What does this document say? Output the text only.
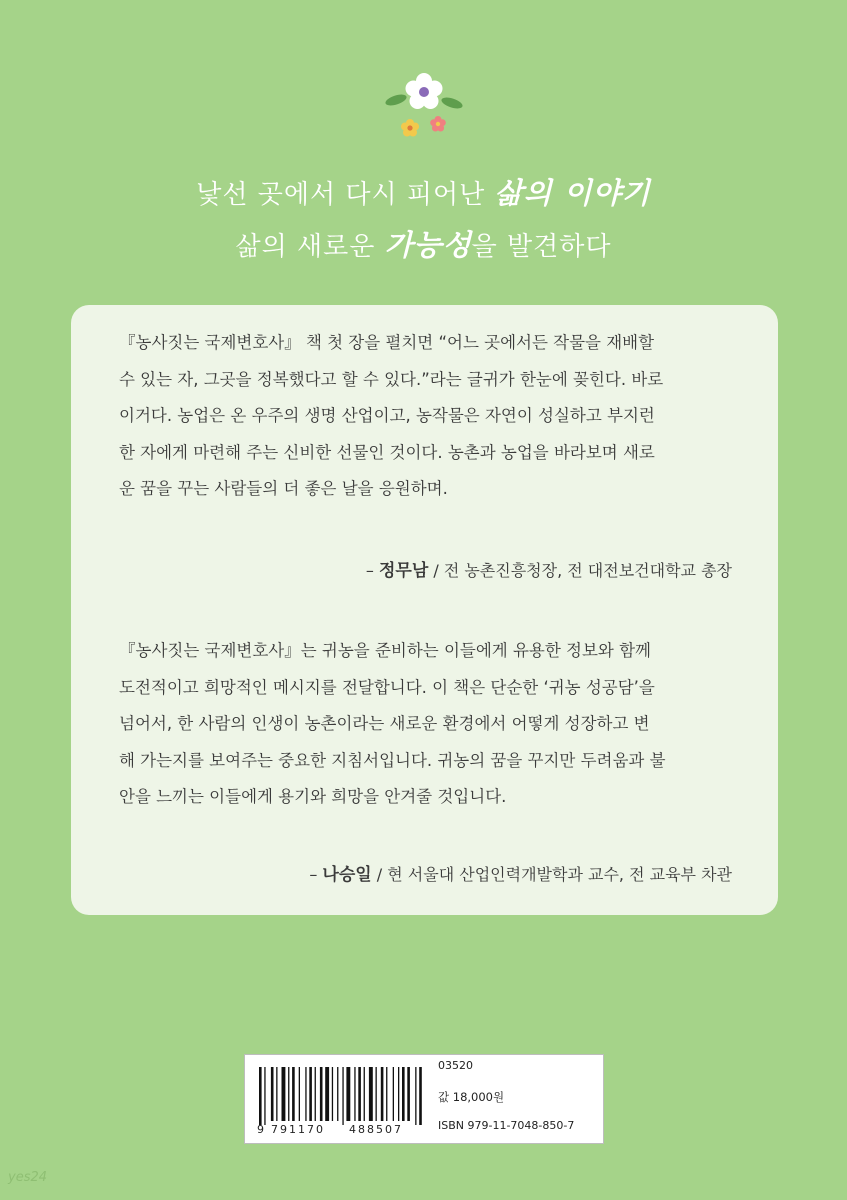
낯선 곳에서 다시 피어난 삶의 이야기
삶의 새로운 가능성을 발견하다
『농사짓는 국제변호사』 책 첫 장을 펼치면 “어느 곳에서든 작물을 재배할
수 있는 자, 그곳을 정복했다고 할 수 있다.”라는 글귀가 한눈에 꽂힌다. 바로
이거다. 농업은 온 우주의 생명 산업이고, 농작물은 자연이 성실하고 부지런
한 자에게 마련해 주는 신비한 선물인 것이다. 농촌과 농업을 바라보며 새로
운 꿈을 꾸는 사람들의 더 좋은 날을 응원하며.
– 정무남 / 전 농촌진흥청장, 전 대전보건대학교 총장
『농사짓는 국제변호사』는 귀농을 준비하는 이들에게 유용한 정보와 함께
도전적이고 희망적인 메시지를 전달합니다. 이 책은 단순한 ‘귀농 성공담’을
넘어서, 한 사람의 인생이 농촌이라는 새로운 환경에서 어떻게 성장하고 변
해 가는지를 보여주는 중요한 지침서입니다. 귀농의 꿈을 꾸지만 두려움과 불
안을 느끼는 이들에게 용기와 희망을 안겨줄 것입니다.
– 나승일 / 현 서울대 산업인력개발학과 교수, 전 교육부 차관
9 791170 488507
03520
값 18,000원
ISBN 979-11-7048-850-7
yes24
